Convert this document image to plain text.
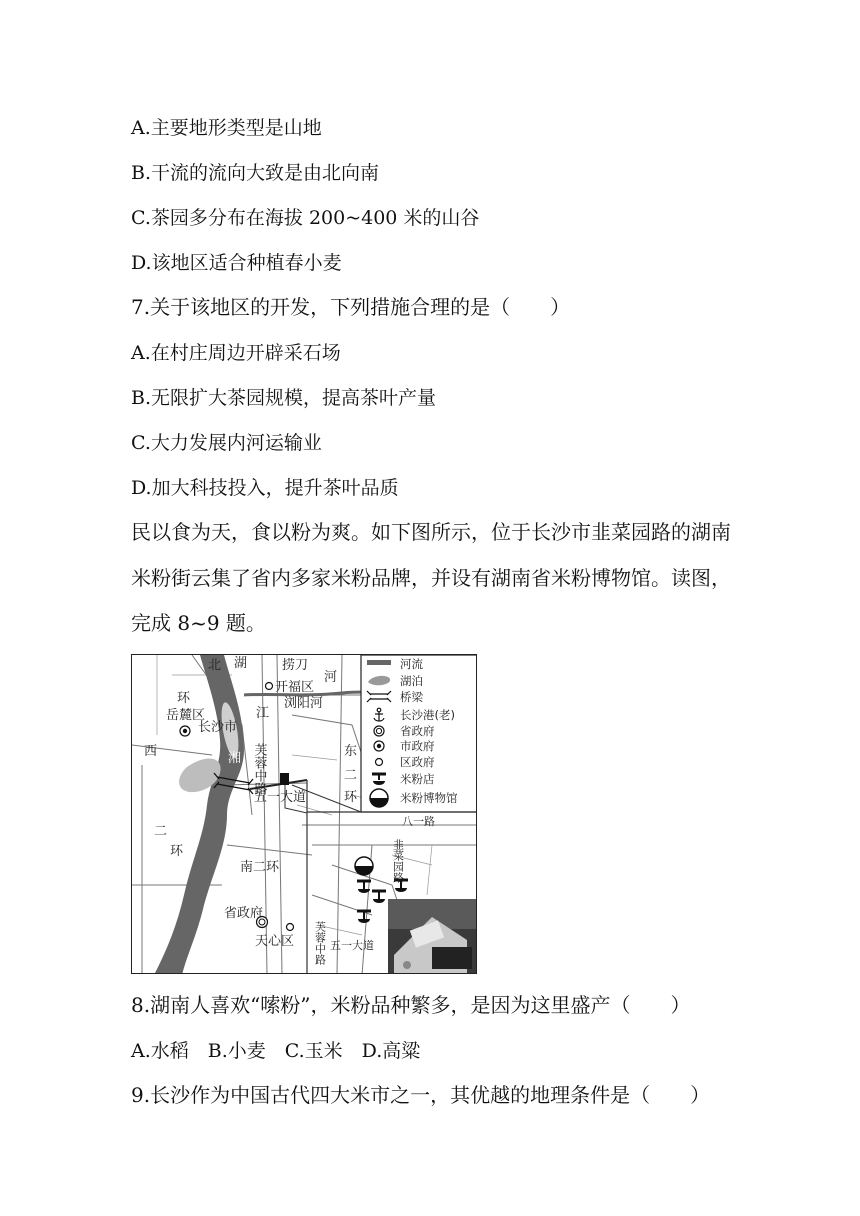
A.主要地形类型是山地
B.干流的流向大致是由北向南
C.茶园多分布在海拔 200~400 米的山谷
D.该地区适合种植春小麦
7.关于该地区的开发，下列措施合理的是（　　）
A.在村庄周边开辟采石场
B.无限扩大茶园规模，提高茶叶产量
C.大力发展内河运输业
D.加大科技投入，提升茶叶品质
民以食为天，食以粉为爽。如下图所示，位于长沙市韭菜园路的湖南
米粉街云集了省内多家米粉品牌，并设有湖南省米粉博物馆。读图，
完成 8~9 题。
北 湖	捞刀
河
开福区
浏阳河
环
岳麓区
长沙市
江
西	湘	东
二
环
芙蓉中路
五一大道
二
环
南二环
省政府
天心区
八一路
韭菜园路
芙蓉中路 五一大道
河流
湖泊
桥梁
长沙港(老)
省政府
市政府
区政府
米粉店
米粉博物馆
8.湖南人喜欢“嗦粉”，米粉品种繁多，是因为这里盛产（　　）
A.水稻　B.小麦　C.玉米　D.高粱
9.长沙作为中国古代四大米市之一，其优越的地理条件是（　　）
